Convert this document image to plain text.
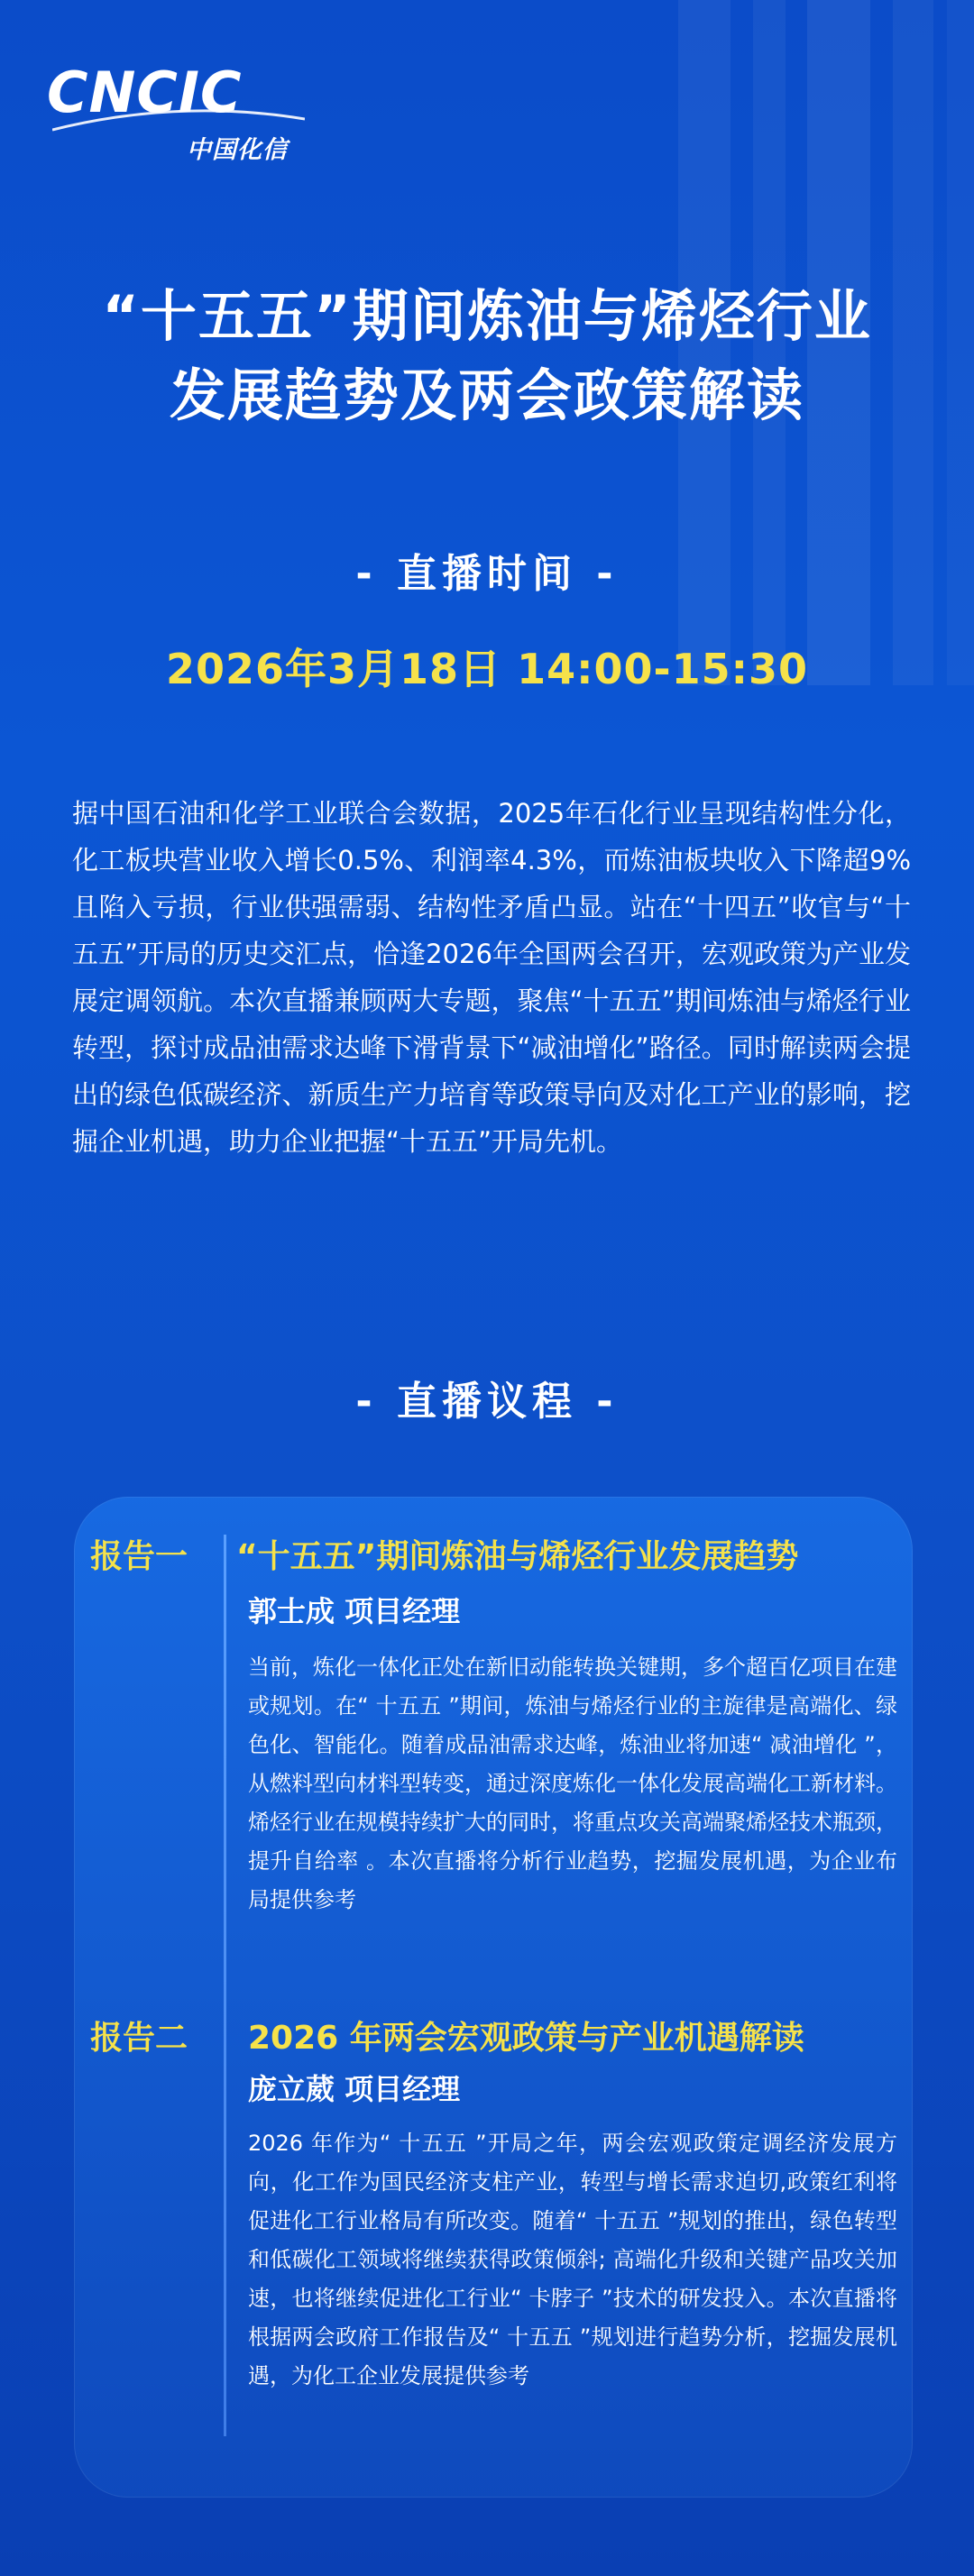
CNCIC
中国化信
“十五五”期间炼油与烯烃行业
发展趋势及两会政策解读
- 直播时间 -
2026年3月18日 14:00-15:30
据中国石油和化学工业联合会数据，2025年石化行业呈现结构性分化，化工板块营业收入增长0.5%、利润率4.3%，而炼油板块收入下降超9%且陷入亏损，行业供强需弱、结构性矛盾凸显。站在“十四五”收官与“十五五”开局的历史交汇点，恰逢2026年全国两会召开，宏观政策为产业发展定调领航。本次直播兼顾两大专题，聚焦“十五五”期间炼油与烯烃行业转型，探讨成品油需求达峰下滑背景下“减油增化”路径。同时解读两会提出的绿色低碳经济、新质生产力培育等政策导向及对化工产业的影响，挖掘企业机遇，助力企业把握“十五五”开局先机。
- 直播议程 -
报告一 “十五五”期间炼油与烯烃行业发展趋势
郭士成 项目经理
当前，炼化一体化正处在新旧动能转换关键期，多个超百亿项目在建或规划。在“ 十五五 ”期间，炼油与烯烃行业的主旋律是高端化、绿色化、智能化。随着成品油需求达峰，炼油业将加速“ 减油增化 ”，从燃料型向材料型转变，通过深度炼化一体化发展高端化工新材料。烯烃行业在规模持续扩大的同时，将重点攻关高端聚烯烃技术瓶颈，提升自给率 。本次直播将分析行业趋势，挖掘发展机遇，为企业布局提供参考
报告二 2026 年两会宏观政策与产业机遇解读
庞立葳 项目经理
2026 年作为“ 十五五 ”开局之年，两会宏观政策定调经济发展方向，化工作为国民经济支柱产业，转型与增长需求迫切,政策红利将促进化工行业格局有所改变。随着“ 十五五 ”规划的推出，绿色转型和低碳化工领域将继续获得政策倾斜; 高端化升级和关键产品攻关加速，也将继续促进化工行业“ 卡脖子 ”技术的研发投入。本次直播将根据两会政府工作报告及“ 十五五 ”规划进行趋势分析，挖掘发展机遇，为化工企业发展提供参考
